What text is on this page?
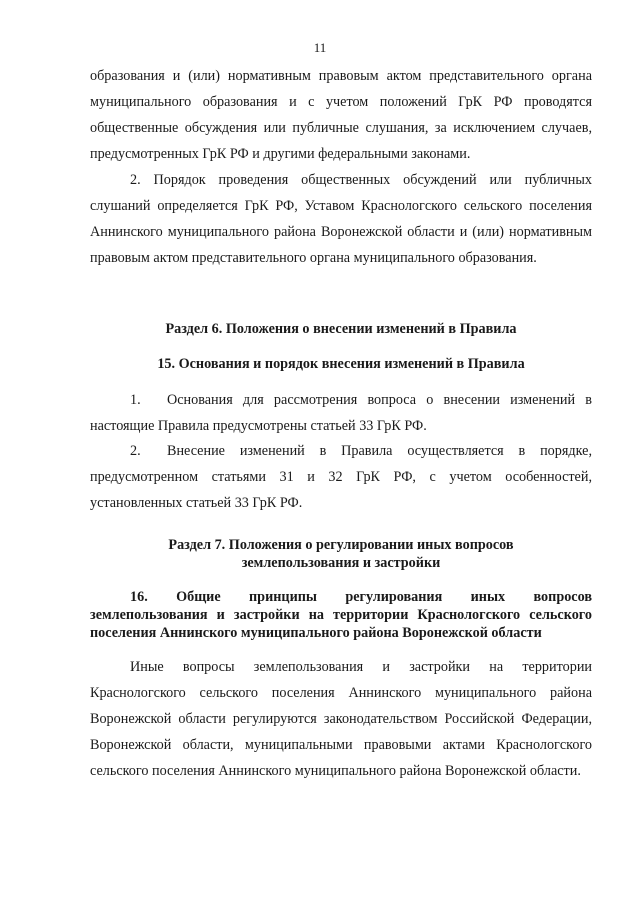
11
образования и (или) нормативным правовым актом представительного органа муниципального образования и с учетом положений ГрК РФ проводятся общественные обсуждения или публичные слушания, за исключением случаев, предусмотренных ГрК РФ и другими федеральными законами.
2. Порядок проведения общественных обсуждений или публичных слушаний определяется ГрК РФ, Уставом Краснологского сельского поселения Аннинского муниципального района Воронежской области и (или) нормативным правовым актом представительного органа муниципального образования.
Раздел 6. Положения о внесении изменений в Правила
15. Основания и порядок внесения изменений в Правила
1. Основания для рассмотрения вопроса о внесении изменений в настоящие Правила предусмотрены статьей 33 ГрК РФ.
2. Внесение изменений в Правила осуществляется в порядке, предусмотренном статьями 31 и 32 ГрК РФ, с учетом особенностей, установленных статьей 33 ГрК РФ.
Раздел 7. Положения о регулировании иных вопросов
землепользования и застройки
16. Общие принципы регулирования иных вопросов
землепользования и застройки на территории Краснологского сельского
поселения Аннинского муниципального района Воронежской области
Иные вопросы землепользования и застройки на территории Краснологского сельского поселения Аннинского муниципального района Воронежской области регулируются законодательством Российской Федерации, Воронежской области, муниципальными правовыми актами Краснологского сельского поселения Аннинского муниципального района Воронежской области.
